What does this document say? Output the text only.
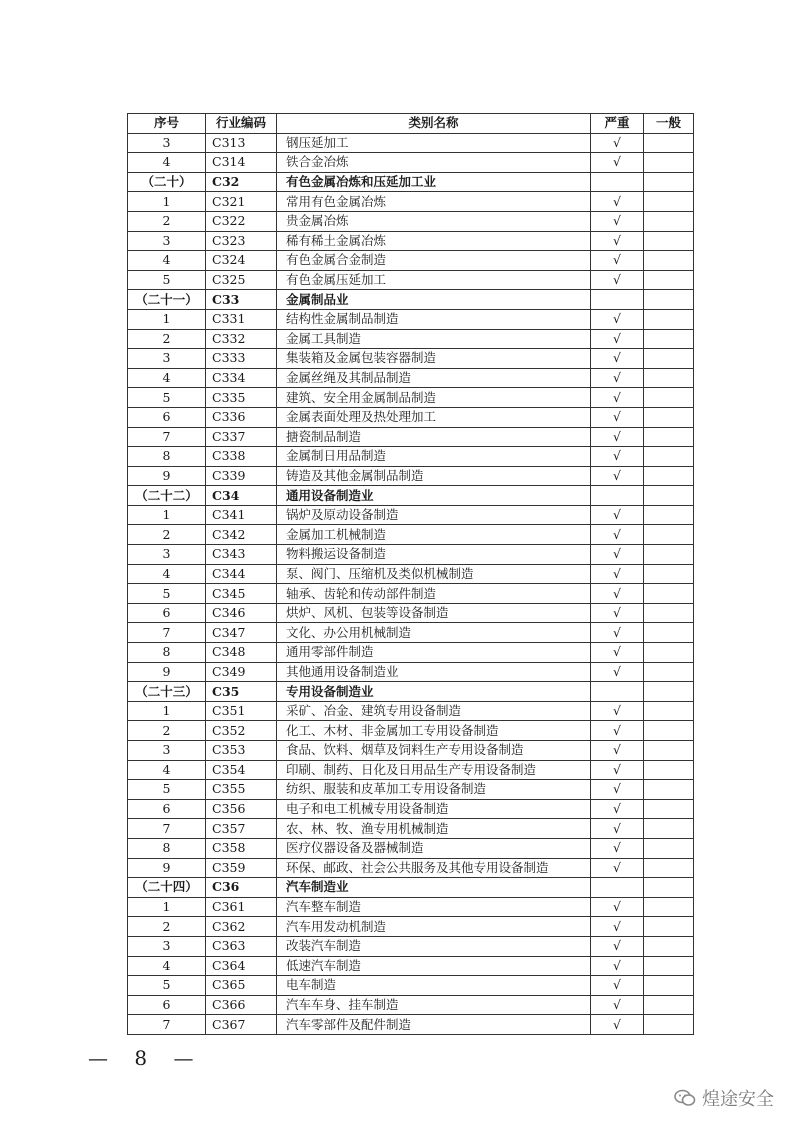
序号	行业编码	类别名称	严重	一般
3	C313	钢压延加工	√	
4	C314	铁合金冶炼	√	
（二十）	C32	有色金属冶炼和压延加工业		
1	C321	常用有色金属冶炼	√	
2	C322	贵金属冶炼	√	
3	C323	稀有稀土金属冶炼	√	
4	C324	有色金属合金制造	√	
5	C325	有色金属压延加工	√	
（二十一）	C33	金属制品业		
1	C331	结构性金属制品制造	√	
2	C332	金属工具制造	√	
3	C333	集装箱及金属包装容器制造	√	
4	C334	金属丝绳及其制品制造	√	
5	C335	建筑、安全用金属制品制造	√	
6	C336	金属表面处理及热处理加工	√	
7	C337	搪瓷制品制造	√	
8	C338	金属制日用品制造	√	
9	C339	铸造及其他金属制品制造	√	
（二十二）	C34	通用设备制造业		
1	C341	锅炉及原动设备制造	√	
2	C342	金属加工机械制造	√	
3	C343	物料搬运设备制造	√	
4	C344	泵、阀门、压缩机及类似机械制造	√	
5	C345	轴承、齿轮和传动部件制造	√	
6	C346	烘炉、风机、包装等设备制造	√	
7	C347	文化、办公用机械制造	√	
8	C348	通用零部件制造	√	
9	C349	其他通用设备制造业	√	
（二十三）	C35	专用设备制造业		
1	C351	采矿、冶金、建筑专用设备制造	√	
2	C352	化工、木材、非金属加工专用设备制造	√	
3	C353	食品、饮料、烟草及饲料生产专用设备制造	√	
4	C354	印刷、制药、日化及日用品生产专用设备制造	√	
5	C355	纺织、服装和皮革加工专用设备制造	√	
6	C356	电子和电工机械专用设备制造	√	
7	C357	农、林、牧、渔专用机械制造	√	
8	C358	医疗仪器设备及器械制造	√	
9	C359	环保、邮政、社会公共服务及其他专用设备制造	√	
（二十四）	C36	汽车制造业		
1	C361	汽车整车制造	√	
2	C362	汽车用发动机制造	√	
3	C363	改装汽车制造	√	
4	C364	低速汽车制造	√	
5	C365	电车制造	√	
6	C366	汽车车身、挂车制造	√	
7	C367	汽车零部件及配件制造	√	
— 8 —
煌途安全
